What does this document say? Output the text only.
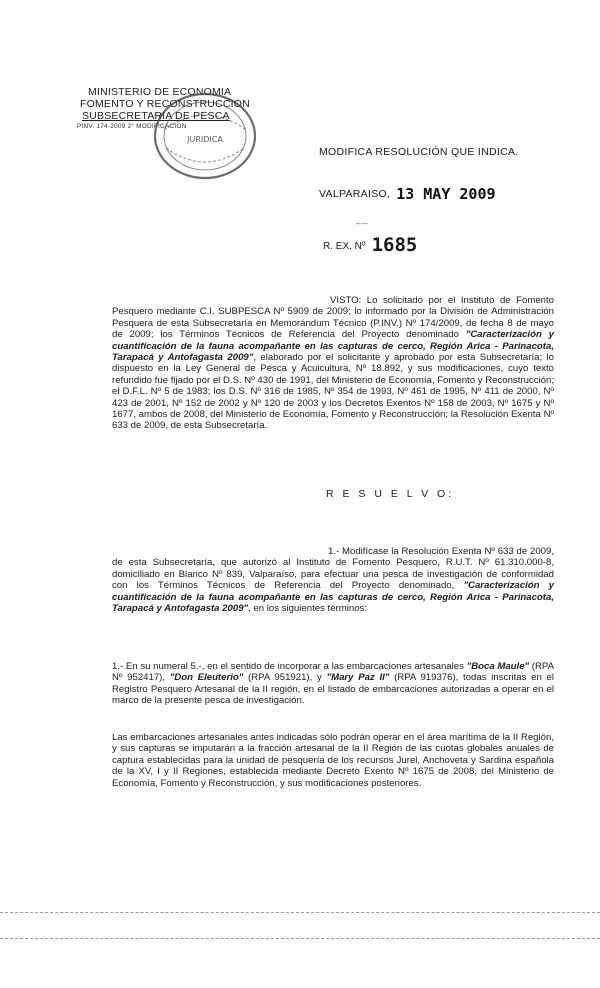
MINISTERIO DE ECONOMIA
FOMENTO Y RECONSTRUCCION
SUBSECRETARIA DE PESCA
PINV. 174-2009 2° MODIFICACION
JURIDICA
MODIFICA RESOLUCIÓN QUE INDICA.
VALPARAISO, 13 MAY 2009
–·–
R. EX. Nº 1685

VISTO: Lo solicitado por el Instituto de Fomento Pesquero mediante C.I. SUBPESCA Nº 5909 de 2009; lo informado por la División de Administración Pesquera de esta Subsecretaría en Memorándum Técnico (P.INV.) Nº 174/2009, de fecha 8 de mayo de 2009; los Términos Técnicos de Referencia del Proyecto denominado "Caracterización y cuantificación de la fauna acompañante en las capturas de cerco, Región Arica - Parinacota, Tarapacá y Antofagasta 2009", elaborado por el solicitante y aprobado por esta Subsecretaría; lo dispuesto en la Ley General de Pesca y Acuicultura, Nº 18.892, y sus modificaciones, cuyo texto refundido fue fijado por el D.S. Nº 430 de 1991, del Ministerio de Economía, Fomento y Reconstrucción; el D.F.L. Nº 5 de 1983; los D.S. Nº 316 de 1985, Nº 354 de 1993, Nº 461 de 1995, Nº 411 de 2000, Nº 423 de 2001, Nº 152 de 2002 y Nº 120 de 2003 y los Decretos Exentos Nº 158 de 2003, Nº 1675 y Nº 1677, ambos de 2008, del Ministerio de Economía, Fomento y Reconstrucción; la Resolución Exenta Nº 633 de 2009, de esta Subsecretaría.

R E S U E L V O:

1.- Modifícase la Resolución Exenta Nº 633 de 2009, de esta Subsecretaría, que autorizó al Instituto de Fomento Pesquero, R.U.T. Nº 61.310.000-8, domiciliado en Blanco Nº 839, Valparaíso, para efectuar una pesca de investigación de conformidad con los Términos Técnicos de Referencia del Proyecto denominado, "Caracterización y cuantificación de la fauna acompañante en las capturas de cerco, Región Arica - Parinacota, Tarapacá y Antofagasta 2009", en los siguientes términos:

1.- En su numeral 5.-, en el sentido de incorporar a las embarcaciones artesanales "Boca Maule" (RPA Nº 952417), "Don Eleuterio" (RPA 951921), y "Mary Paz II" (RPA 919376), todas inscritas en el Registro Pesquero Artesanal de la II región, en el listado de embarcaciones autorizadas a operar en el marco de la presente pesca de investigación.

Las embarcaciones artesanales antes indicadas sólo podrán operar en el área marítima de la II Región, y sus capturas se imputarán a la fracción artesanal de la II Región de las cuotas globales anuales de captura establecidas para la unidad de pesquería de los recursos Jurel, Anchoveta y Sardina española de la XV, I y II Regiones, establecida mediante Decreto Exento Nº 1675 de 2008, del Ministerio de Economía, Fomento y Reconstrucción, y sus modificaciones posteriores.
